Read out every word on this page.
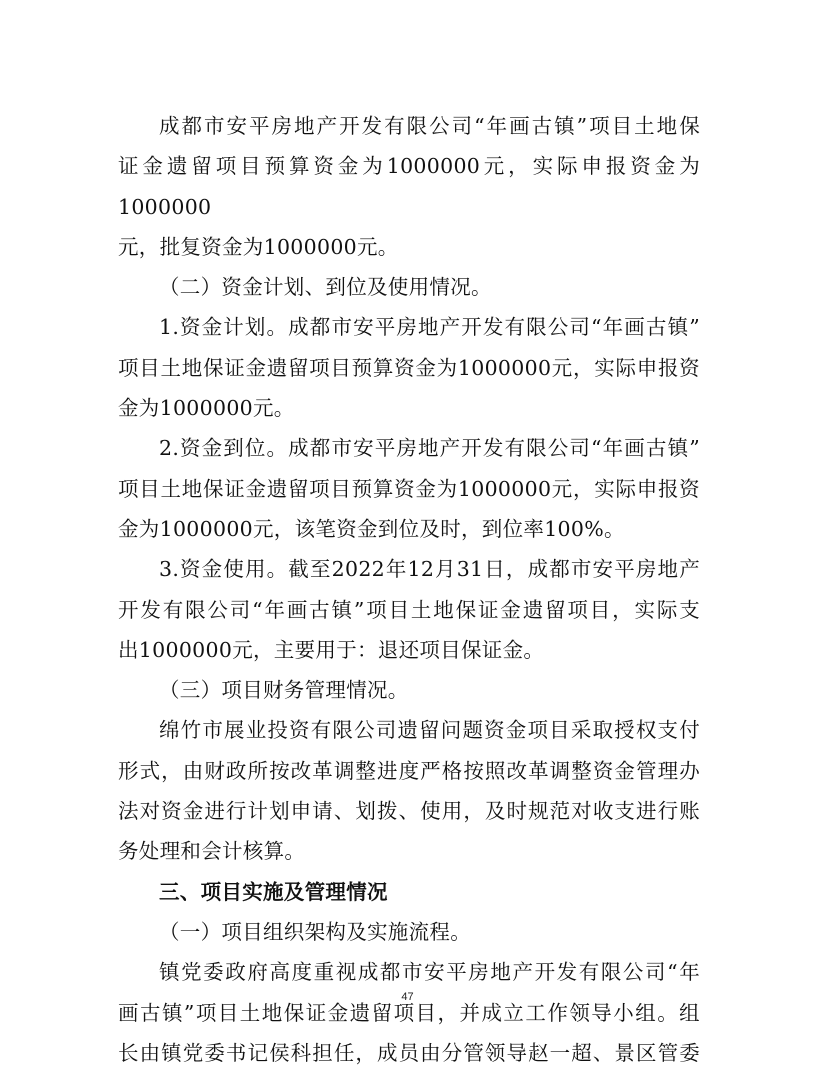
成都市安平房地产开发有限公司“年画古镇”项目土地保
证金遗留项目预算资金为1000000元，实际申报资金为1000000

元，批复资金为1000000元。

（二）资金计划、到位及使用情况。

1.资金计划。成都市安平房地产开发有限公司“年画古镇”
项目土地保证金遗留项目预算资金为1000000元，实际申报资

金为1000000元。

2.资金到位。成都市安平房地产开发有限公司“年画古镇”
项目土地保证金遗留项目预算资金为1000000元，实际申报资

金为1000000元，该笔资金到位及时，到位率100%。

3.资金使用。截至2022年12月31日，成都市安平房地产
开发有限公司“年画古镇”项目土地保证金遗留项目，实际支

出1000000元，主要用于：退还项目保证金。

（三）项目财务管理情况。

绵竹市展业投资有限公司遗留问题资金项目采取授权支付
形式，由财政所按改革调整进度严格按照改革调整资金管理办
法对资金进行计划申请、划拨、使用，及时规范对收支进行账

务处理和会计核算。

三、项目实施及管理情况

（一）项目组织架构及实施流程。

镇党委政府高度重视成都市安平房地产开发有限公司“年
画古镇”项目土地保证金遗留项目，并成立工作领导小组。组
长由镇党委书记侯科担任，成员由分管领导赵一超、景区管委

47
